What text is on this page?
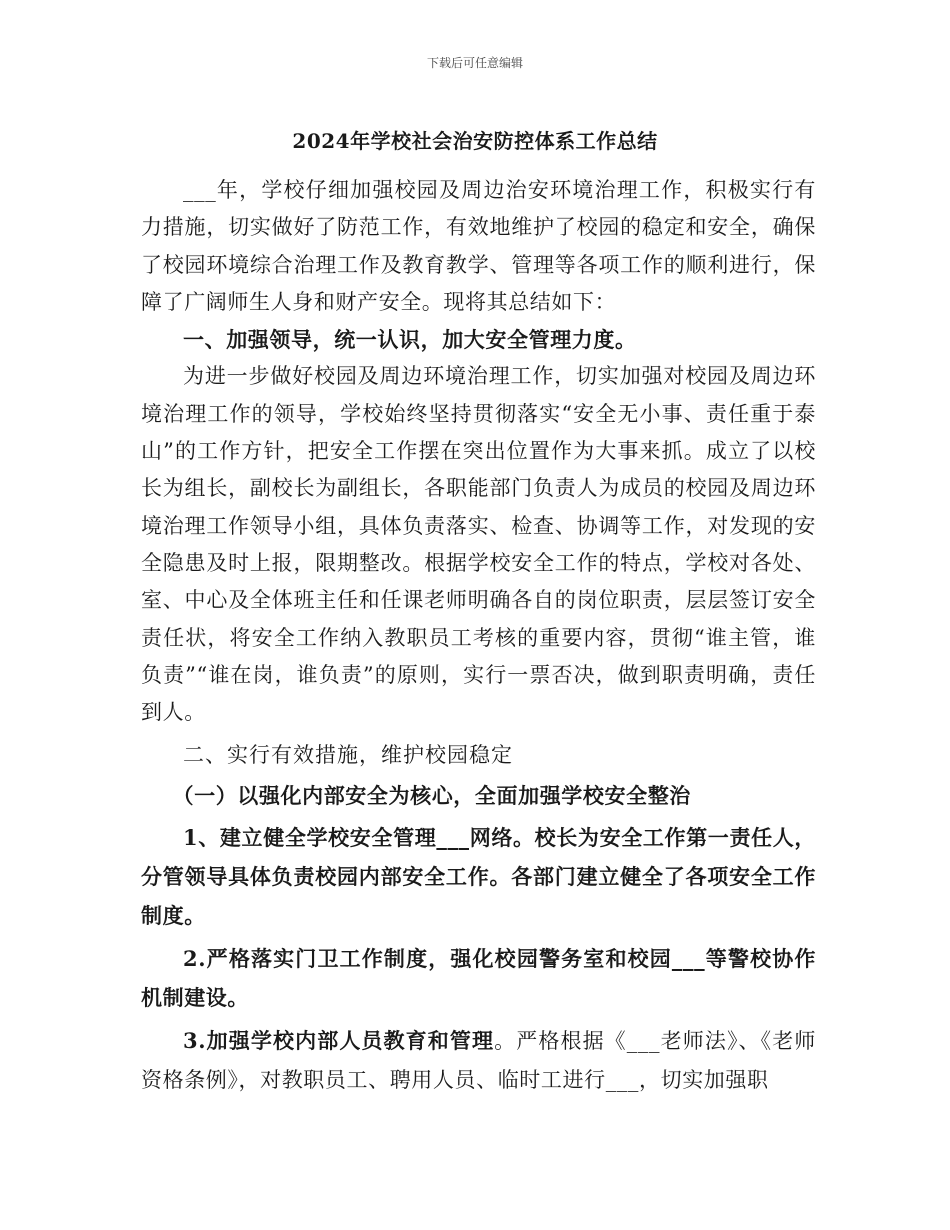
下载后可任意编辑
2024年学校社会治安防控体系工作总结

___年，学校仔细加强校园及周边治安环境治理工作，积极实行有力措施，切实做好了防范工作，有效地维护了校园的稳定和安全，确保了校园环境综合治理工作及教育教学、管理等各项工作的顺利进行，保障了广阔师生人身和财产安全。现将其总结如下：

一、加强领导，统一认识，加大安全管理力度。

为进一步做好校园及周边环境治理工作，切实加强对校园及周边环境治理工作的领导，学校始终坚持贯彻落实“安全无小事、责任重于泰山”的工作方针，把安全工作摆在突出位置作为大事来抓。成立了以校长为组长，副校长为副组长，各职能部门负责人为成员的校园及周边环境治理工作领导小组，具体负责落实、检查、协调等工作，对发现的安全隐患及时上报，限期整改。根据学校安全工作的特点，学校对各处、室、中心及全体班主任和任课老师明确各自的岗位职责，层层签订安全责任状，将安全工作纳入教职员工考核的重要内容，贯彻“谁主管，谁负责”“谁在岗，谁负责”的原则，实行一票否决，做到职责明确，责任到人。

二、实行有效措施，维护校园稳定

（一）以强化内部安全为核心，全面加强学校安全整治

1、建立健全学校安全管理___网络。校长为安全工作第一责任人，分管领导具体负责校园内部安全工作。各部门建立健全了各项安全工作制度。

2.严格落实门卫工作制度，强化校园警务室和校园___等警校协作机制建设。

3.加强学校内部人员教育和管理。严格根据《___老师法》、《老师资格条例》，对教职员工、聘用人员、临时工进行___，切实加强职
